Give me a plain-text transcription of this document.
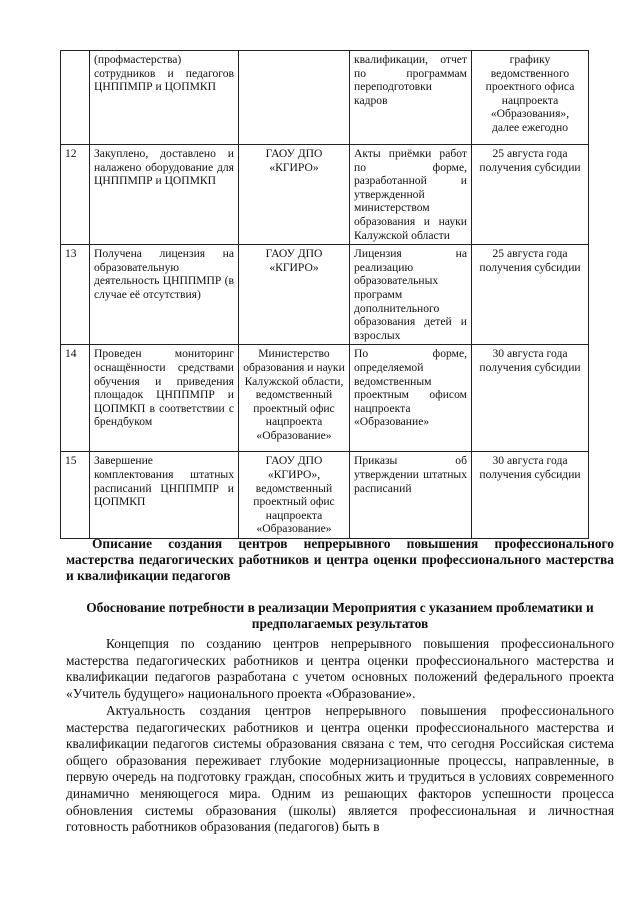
	(профмастерства) сотрудников и педагогов ЦНППМПР и ЦОПМКП		квалификации, отчет по программам переподготовки кадров	графику ведомственного проектного офиса нацпроекта «Образования», далее ежегодно
12	Закуплено, доставлено и налажено оборудование для ЦНППМПР и ЦОПМКП	ГАОУ ДПО «КГИРО»	Акты приёмки работ по форме, разработанной и утвержденной министерством образования и науки Калужской области	25 августа года получения субсидии
13	Получена лицензия на образовательную деятельность ЦНППМПР (в случае её отсутствия)	ГАОУ ДПО «КГИРО»	Лицензия на реализацию образовательных программ дополнительного образования детей и взрослых	25 августа года получения субсидии
14	Проведен мониторинг оснащённости средствами обучения и приведения площадок ЦНППМПР и ЦОПМКП в соответствии с брендбуком	Министерство образования и науки Калужской области, ведомственный проектный офис нацпроекта «Образование»	По форме, определяемой ведомственным проектным офисом нацпроекта «Образование»	30 августа года получения субсидии
15	Завершение комплектования штатных расписаний ЦНППМПР и ЦОПМКП	ГАОУ ДПО «КГИРО», ведомственный проектный офис нацпроекта «Образование»	Приказы об утверждении штатных расписаний	30 августа года получения субсидии
Описание создания центров непрерывного повышения профессионального мастерства педагогических работников и центра оценки профессионального мастерства и квалификации педагогов
Обоснование потребности в реализации Мероприятия с указанием проблематики и предполагаемых результатов

Концепция по созданию центров непрерывного повышения профессионального мастерства педагогических работников и центра оценки профессионального мастерства и квалификации педагогов разработана с учетом основных положений федерального проекта «Учитель будущего» национального проекта «Образование».

Актуальность создания центров непрерывного повышения профессионального мастерства педагогических работников и центра оценки профессионального мастерства и квалификации педагогов системы образования связана с тем, что сегодня Российская система общего образования переживает глубокие модернизационные процессы, направленные, в первую очередь на подготовку граждан, способных жить и трудиться в условиях современного динамично меняющегося мира. Одним из решающих факторов успешности процесса обновления системы образования (школы) является профессиональная и личностная готовность работников образования (педагогов) быть в
